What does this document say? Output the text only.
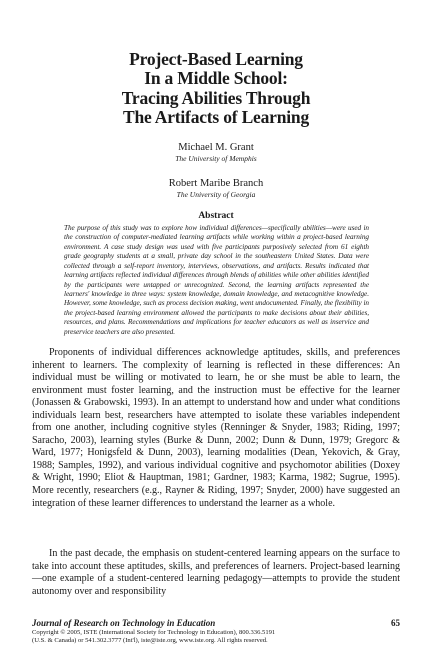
Project-Based Learning
In a Middle School:
Tracing Abilities Through
The Artifacts of Learning
Michael M. Grant
The University of Memphis
Robert Maribe Branch
The University of Georgia
Abstract

The purpose of this study was to explore how individual differences—specifically abilities—were used in the construction of computer-mediated learning artifacts while working within a project-based learning environment. A case study design was used with five participants purposively selected from 61 eighth grade geography students at a small, private day school in the southeastern United States. Data were collected through a self-report inventory, interviews, observations, and artifacts. Results indicated that learning artifacts reflected individual differences through blends of abilities while other abilities identified by the participants were untapped or unrecognized. Second, the learning artifacts represented the learners' knowledge in three ways: system knowledge, domain knowledge, and metacognitive knowledge. However, some knowledge, such as process decision making, went undocumented. Finally, the flexibility in the project-based learning environment allowed the participants to make decisions about their abilities, resources, and plans. Recommendations and implications for teacher educators as well as inservice and preservice teachers are also presented.

Proponents of individual differences acknowledge aptitudes, skills, and preferences inherent to learners. The complexity of learning is reflected in these differences: An individual must be willing or motivated to learn, he or she must be able to learn, the environment must foster learning, and the instruction must be effective for the learner (Jonassen & Grabowski, 1993). In an attempt to understand how and under what conditions individuals learn best, researchers have attempted to isolate these variables independent from one another, including cognitive styles (Renninger & Snyder, 1983; Riding, 1997; Saracho, 2003), learning styles (Burke & Dunn, 2002; Dunn & Dunn, 1979; Gregorc & Ward, 1977; Honigsfeld & Dunn, 2003), learning modalities (Dean, Yekovich, & Gray, 1988; Samples, 1992), and various individual cognitive and psychomotor abilities (Doxey & Wright, 1990; Eliot & Hauptman, 1981; Gardner, 1983; Karma, 1982; Sugrue, 1995). More recently, researchers (e.g., Rayner & Riding, 1997; Snyder, 2000) have suggested an integration of these learner differences to understand the learner as a whole.

In the past decade, the emphasis on student-centered learning appears on the surface to take into account these aptitudes, skills, and preferences of learners. Project-based learning—one example of a student-centered learning pedagogy—attempts to provide the student autonomy over and responsibility

Journal of Research on Technology in Education	65
Copyright © 2005, ISTE (International Society for Technology in Education), 800.336.5191
(U.S. & Canada) or 541.302.3777 (Int'l), iste@iste.org, www.iste.org. All rights reserved.
